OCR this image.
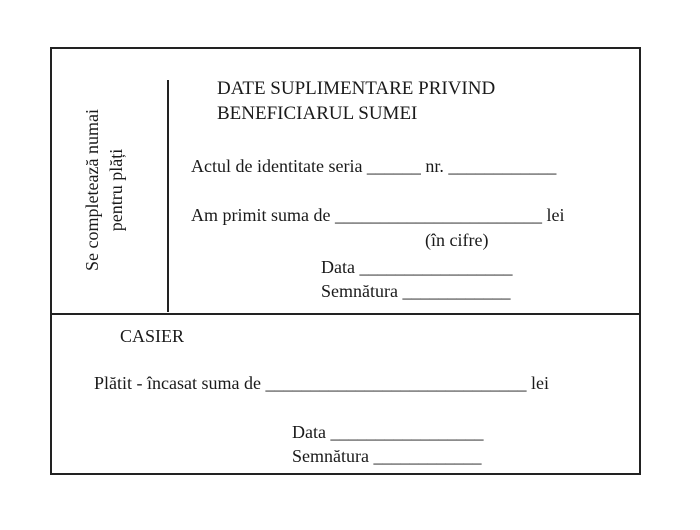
Se completează numai pentru plăți
DATE SUPLIMENTARE PRIVIND
BENEFICIARUL SUMEI
Actul de identitate seria ______ nr. ____________
Am primit suma de _______________________ lei
(în cifre)
Data _________________
Semnătura ____________
CASIER
Plătit - încasat suma de _____________________________ lei
Data _________________
Semnătura ____________
